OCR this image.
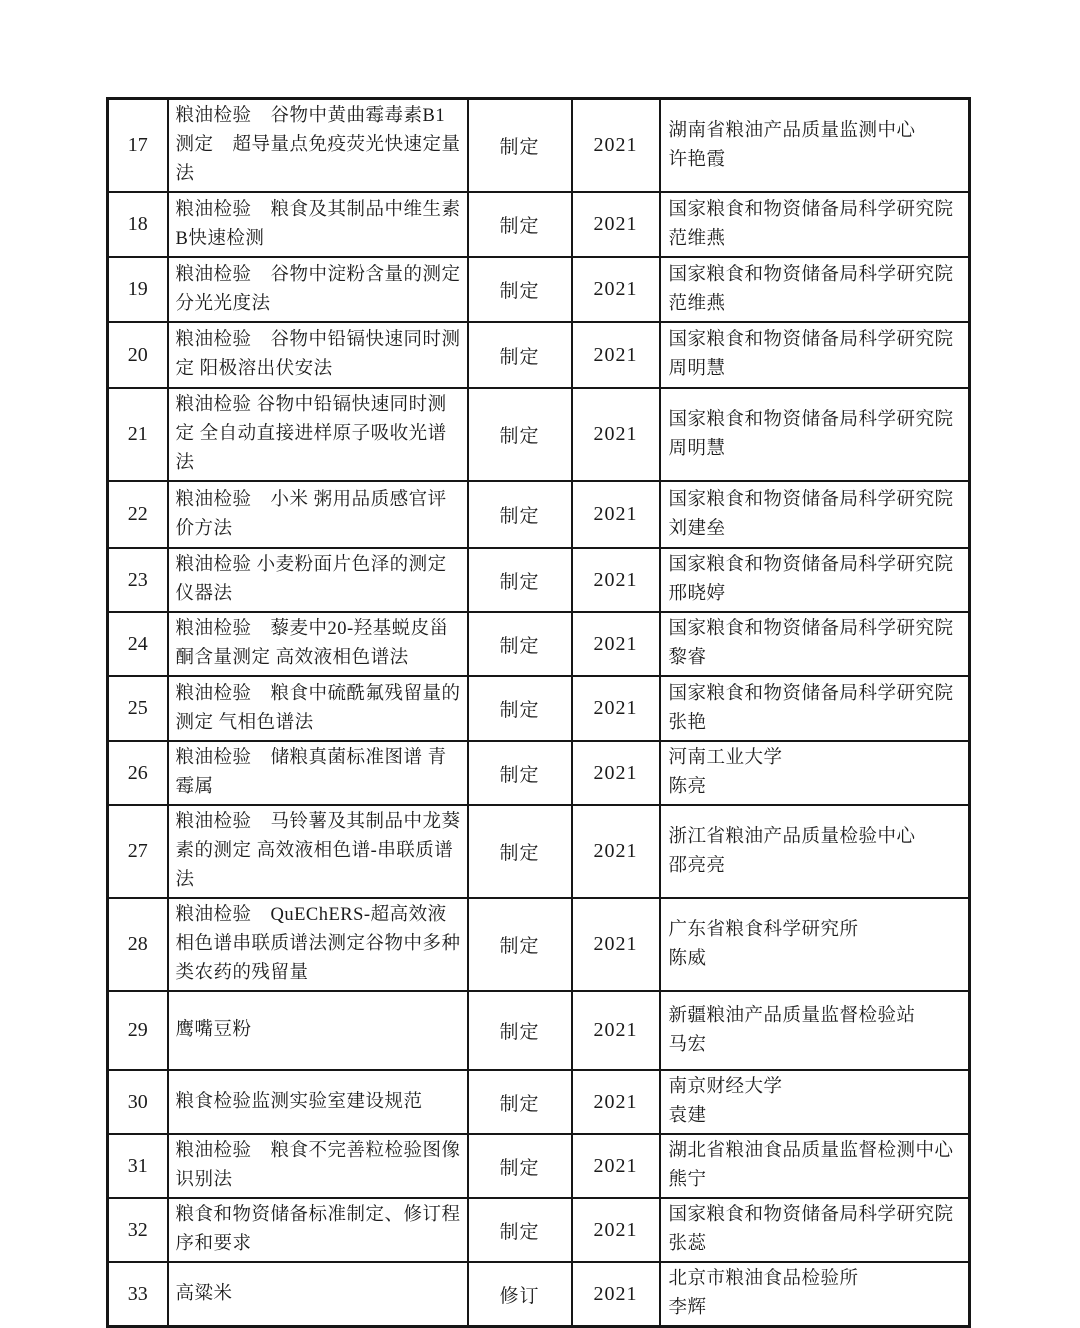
17	粮油检验　谷物中黄曲霉毒素B1测定　超导量点免疫荧光快速定量法	制定	2021	湖南省粮油产品质量监测中心
许艳霞

18	粮油检验　粮食及其制品中维生素B快速检测	制定	2021	国家粮食和物资储备局科学研究院
范维燕

19	粮油检验　谷物中淀粉含量的测定 分光光度法	制定	2021	国家粮食和物资储备局科学研究院
范维燕

20	粮油检验　谷物中铅镉快速同时测定 阳极溶出伏安法	制定	2021	国家粮食和物资储备局科学研究院
周明慧

21	粮油检验 谷物中铅镉快速同时测定 全自动直接进样原子吸收光谱法	制定	2021	国家粮食和物资储备局科学研究院
周明慧

22	粮油检验　小米 粥用品质感官评价方法	制定	2021	国家粮食和物资储备局科学研究院
刘建垒

23	粮油检验 小麦粉面片色泽的测定 仪器法	制定	2021	国家粮食和物资储备局科学研究院
邢晓婷

24	粮油检验　藜麦中20-羟基蜕皮甾酮含量测定 高效液相色谱法	制定	2021	国家粮食和物资储备局科学研究院
黎睿

25	粮油检验　粮食中硫酰氟残留量的测定 气相色谱法	制定	2021	国家粮食和物资储备局科学研究院
张艳

26	粮油检验　储粮真菌标准图谱 青霉属	制定	2021	河南工业大学
陈亮

27	粮油检验　马铃薯及其制品中龙葵素的测定 高效液相色谱-串联质谱法	制定	2021	浙江省粮油产品质量检验中心
邵亮亮

28	粮油检验　QuEChERS-超高效液相色谱串联质谱法测定谷物中多种类农药的残留量	制定	2021	广东省粮食科学研究所
陈威

29	鹰嘴豆粉	制定	2021	新疆粮油产品质量监督检验站
马宏

30	粮食检验监测实验室建设规范	制定	2021	南京财经大学
袁建

31	粮油检验　粮食不完善粒检验图像识别法	制定	2021	湖北省粮油食品质量监督检测中心
熊宁

32	粮食和物资储备标准制定、修订程序和要求	制定	2021	国家粮食和物资储备局科学研究院
张蕊

33	高粱米	修订	2021	北京市粮油食品检验所
李辉
